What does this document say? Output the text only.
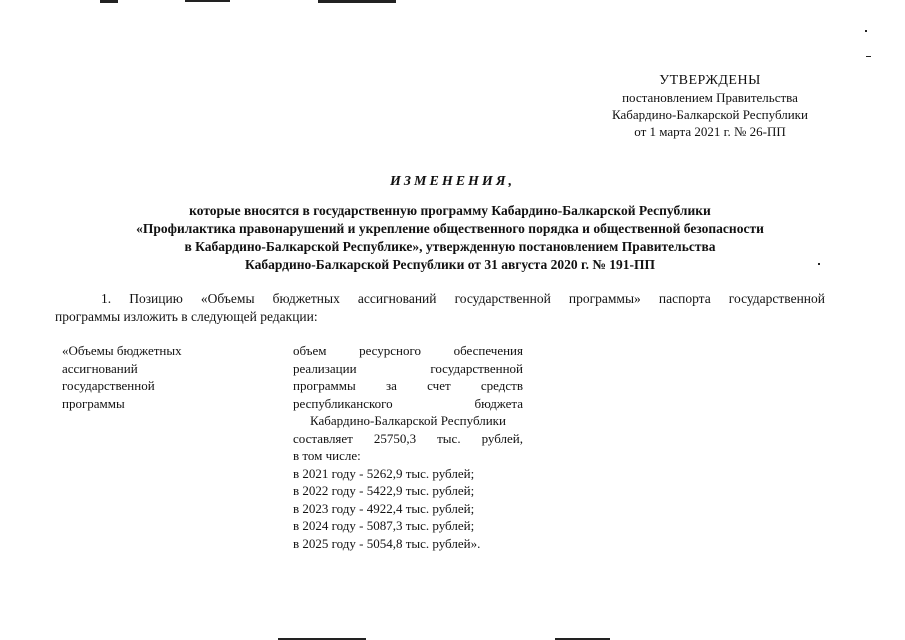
УТВЕРЖДЕНЫ
постановлением Правительства
Кабардино-Балкарской Республики
от 1 марта 2021 г. № 26-ПП
ИЗМЕНЕНИЯ,
которые вносятся в государственную программу Кабардино-Балкарской Республики
«Профилактика правонарушений и укрепление общественного порядка и общественной безопасности
в Кабардино-Балкарской Республике», утвержденную постановлением Правительства
Кабардино-Балкарской Республики от 31 августа 2020 г. № 191-ПП
1. Позицию «Объемы бюджетных ассигнований государственной программы» паспорта государственной
программы изложить в следующей редакции:
«Объемы бюджетных
ассигнований
государственной
программы
объем ресурсного обеспечения
реализации государственной
программы за счет средств
республиканского бюджета
Кабардино-Балкарской Республики
составляет 25750,3 тыс. рублей,
в том числе:
в 2021 году - 5262,9 тыс. рублей;
в 2022 году - 5422,9 тыс. рублей;
в 2023 году - 4922,4 тыс. рублей;
в 2024 году - 5087,3 тыс. рублей;
в 2025 году - 5054,8 тыс. рублей».
